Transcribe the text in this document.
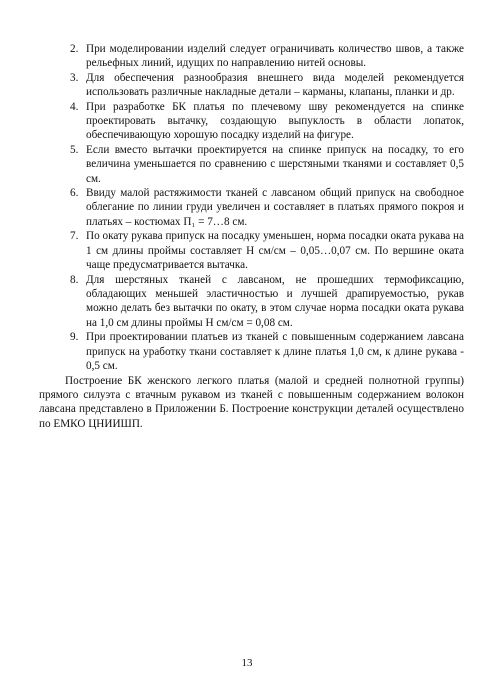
2. При моделировании изделий следует ограничивать количество швов, а также рельефных линий, идущих по направлению нитей основы.
3. Для обеспечения разнообразия внешнего вида моделей рекомендуется использовать различные накладные детали – карманы, клапаны, планки и др.
4. При разработке БК платья по плечевому шву рекомендуется на спинке проектировать вытачку, создающую выпуклость в области лопаток, обеспечивающую хорошую посадку изделий на фигуре.
5. Если вместо вытачки проектируется на спинке припуск на посадку, то его величина уменьшается по сравнению с шерстяными тканями и составляет 0,5 см.
6. Ввиду малой растяжимости тканей с лавсаном общий припуск на свободное облегание по линии груди увеличен и составляет в платьях прямого покроя и платьях – костюмах П₁ = 7…8 см.
7. По окату рукава припуск на посадку уменьшен, норма посадки оката рукава на 1 см длины проймы составляет Н см/см – 0,05…0,07 см. По вершине оката чаще предусматривается вытачка.
8. Для шерстяных тканей с лавсаном, не прошедших термофиксацию, обладающих меньшей эластичностью и лучшей драпируемостью, рукав можно делать без вытачки по окату, в этом случае норма посадки оката рукава на 1,0 см длины проймы Н см/см = 0,08 см.
9. При проектировании платьев из тканей с повышенным содержанием лавсана припуск на уработку ткани составляет к длине платья 1,0 см, к длине рукава - 0,5 см.

Построение БК женского легкого платья (малой и средней полнотной группы) прямого силуэта с втачным рукавом из тканей с повышенным содержанием волокон лавсана представлено в Приложении Б. Построение конструкции деталей осуществлено по ЕМКО ЦНИИШП.

13
